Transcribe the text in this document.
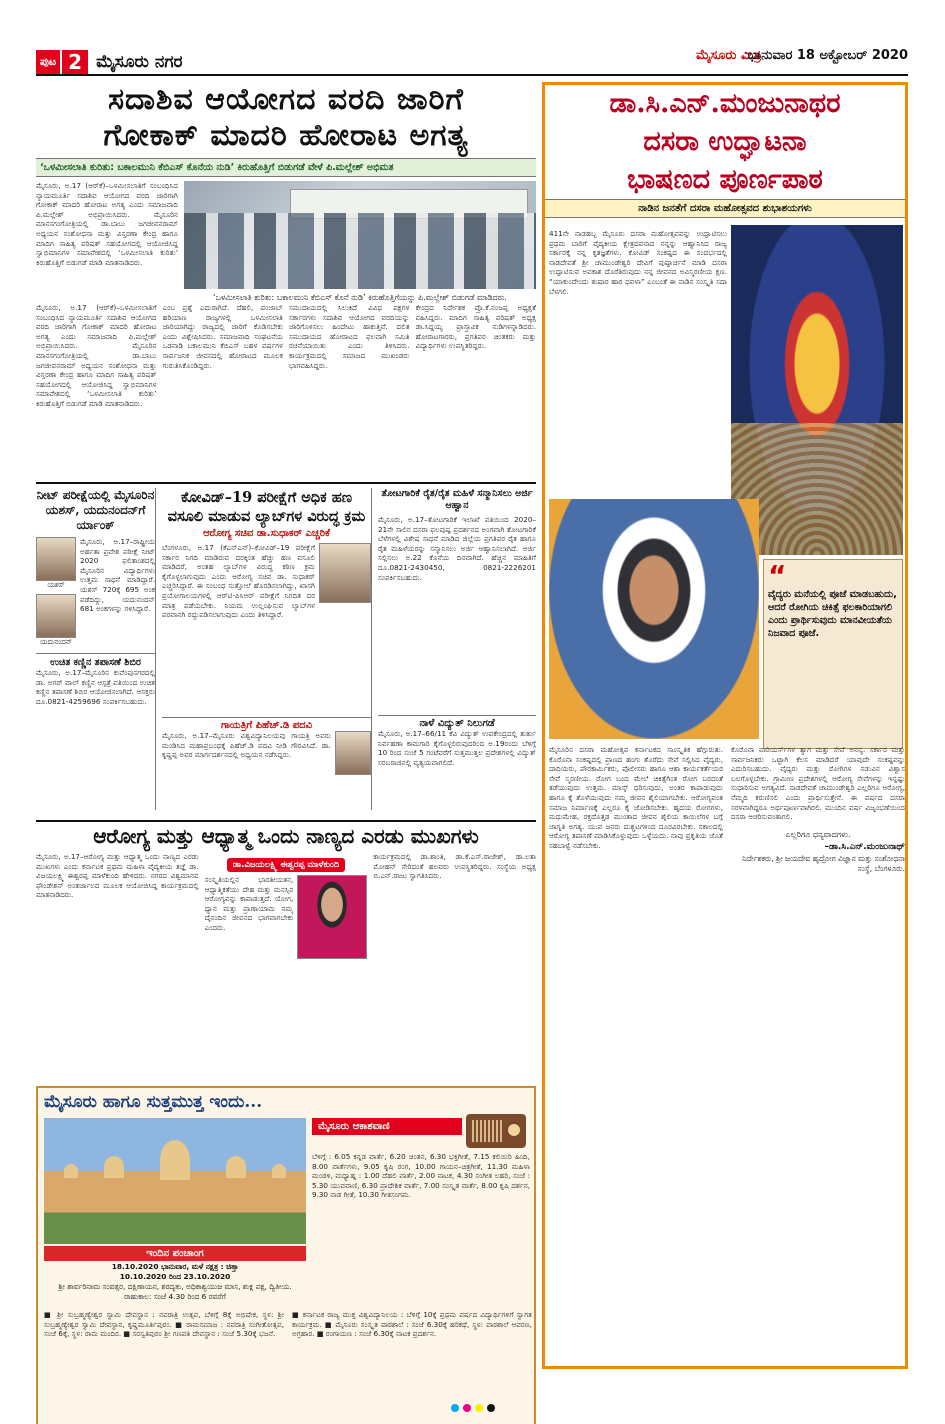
ಪುಟ 2 ಮೈಸೂರು ನಗರ	ಮೈಸೂರು ಮಿತ್ರ
ಭಾನುವಾರ 18 ಅಕ್ಟೋಬರ್ 2020
ಸದಾಶಿವ ಆಯೋಗದ ವರದಿ ಜಾರಿಗೆ
ಗೋಕಾಕ್ ಮಾದರಿ ಹೋರಾಟ ಅಗತ್ಯ
‘ಒಳಮೀಸಲಾತಿ ಕುರಿತು: ಬಕಾಲಮುನಿ ಕೆಬಿಎಸ್ ಕೊನೆಯ ನುಡಿ’ ಕಿರುಹೊತ್ತಿಗೆ ಬಿಡುಗಡೆ ವೇಳೆ ಪಿ.ಮಲ್ಲೇಶ್ ಅಭಿಮತ

ಮೈಸೂರು, ಅ.17 (ಆರ್‌ಕೆ)–ಒಳಮೀಸಲಾತಿಗೆ ಸಂಬಂಧಿಸಿದ ನ್ಯಾಯಮೂರ್ತಿ ಸದಾಶಿವ ಆಯೋಗದ ವರದಿ ಜಾರಿಗಾಗಿ ಗೋಕಾಕ್ ಮಾದರಿ ಹೋರಾಟ ಅಗತ್ಯ ಎಂದು ಸಮಾಜವಾದಿ ಪಿ.ಮಲ್ಲೇಶ್ ಅಭಿಪ್ರಾಯಿಸಿದರು. ಮೈಸೂರಿನ ಮಾನಸಗಂಗೋತ್ರಿಯಲ್ಲಿ ಡಾ.ಬಾಬು ಜಗಜೀವನರಾಮ್ ಅಧ್ಯಯನ ಸಂಶೋಧನಾ ಮತ್ತು ವಿಸ್ತರಣಾ ಕೇಂದ್ರ ಹಾಗೂ ಮಾದಿಗ ಸಾಹಿತ್ಯ ಪರಿಷತ್ ಸಹಯೋಗದಲ್ಲಿ ಆಯೋಜಿಸಿದ್ದ ಸ್ವಾಭಿಮಾನಿಗಳ ಸಮಾವೇಶದಲ್ಲಿ ‘ಒಳಮೀಸಲಾತಿ ಕುರಿತು’ ಕಿರುಹೊತ್ತಿಗೆ ಬಿಡುಗಡೆ ಮಾಡಿ ಮಾತನಾಡಿದರು.

‘ಒಳಮೀಸಲಾತಿ ಕುರಿತು: ಬಕಾಲಮುನಿ ಕೆಬಿಎಸ್ ಕೊನೆ ನುಡಿ’ ಕಿರುಹೊತ್ತಿಗೆಯನ್ನು ಪಿ.ಮಲ್ಲೇಶ್ ಬಿಡುಗಡೆ ಮಾಡಿದರು.

ಮೈಸೂರು, ಅ.17 (ಆರ್‌ಕೆ)–ಒಳಮೀಸಲಾತಿಗೆ ಸಂಬಂಧಿಸಿದ ನ್ಯಾಯಮೂರ್ತಿ ಸದಾಶಿವ ಆಯೋಗದ ವರದಿ ಜಾರಿಗಾಗಿ ಗೋಕಾಕ್ ಮಾದರಿ ಹೋರಾಟ ಅಗತ್ಯ ಎಂದು ಸಮಾಜವಾದಿ ಪಿ.ಮಲ್ಲೇಶ್ ಅಭಿಪ್ರಾಯಿಸಿದರು. ಮೈಸೂರಿನ ಮಾನಸಗಂಗೋತ್ರಿಯಲ್ಲಿ ಡಾ.ಬಾಬು ಜಗಜೀವನರಾಮ್ ಅಧ್ಯಯನ ಸಂಶೋಧನಾ ಮತ್ತು ವಿಸ್ತರಣಾ ಕೇಂದ್ರ ಹಾಗೂ ಮಾದಿಗ ಸಾಹಿತ್ಯ ಪರಿಷತ್ ಸಹಯೋಗದಲ್ಲಿ ಆಯೋಜಿಸಿದ್ದ ಸ್ವಾಭಿಮಾನಿಗಳ ಸಮಾವೇಶದಲ್ಲಿ ‘ಒಳಮೀಸಲಾತಿ ಕುರಿತು’ ಕಿರುಹೊತ್ತಿಗೆ ಬಿಡುಗಡೆ ಮಾಡಿ ಮಾತನಾಡಿದರು.

ಎಂಬ ಪ್ರಶ್ನೆ ಎದುರಾಗಿದೆ. ದೆಹಲಿ, ಪಂಜಾಬ್ ಹರಿಯಾಣ ರಾಜ್ಯಗಳಲ್ಲಿ ಒಳಮೀಸಲಾತಿ ಜಾರಿಯಾಗಿದ್ದು ರಾಜ್ಯದಲ್ಲಿ ಜಾರಿಗೆ ಕೊಡಿಸಬೇಕು ಎಂದು ವಿಶ್ಲೇಷಿಸಿದರು. ಸಮಾಜವಾದಿ ಸಂಘಟನೆಯ ಒಡನಾಡಿ ಬಕಾಲಮುನಿ ಕೆಬಿಎಸ್ ಬಹಳ ವರ್ಷಗಳ ಸಾರ್ವಜನಿಕ ಜೀವನದಲ್ಲಿ ಹೋರಾಟದ ಮೂಲಕ ಗುರುತಿಸಿಕೊಂಡಿದ್ದರು.

ಸಮುದಾಯದಲ್ಲಿ ಸಿಲುಕಿದೆ ವಿವಿಧ ಪಕ್ಷಗಳ ಸರ್ಕಾರಗಳು ಸದಾಶಿವ ಆಯೋಗದ ವರದಿಯನ್ನು ಜಾರಿಗೊಳಿಸಲು ಹಿಂದೇಟು ಹಾಕುತ್ತಿವೆ. ದಲಿತ ಸಮುದಾಯದ ಹೋರಾಟದ ಫಲವಾಗಿ ಸಮಿತಿ ರಚನೆಯಾಯಿತು ಎಂದು ತಿಳಿಸಿದರು. ಕಾರ್ಯಕ್ರಮದಲ್ಲಿ ಸಮಾಜದ ಮುಖಂಡರು ಭಾಗವಹಿಸಿದ್ದರು.

ಕೇಂದ್ರದ ನಿರ್ದೇಶಕ ಪ್ರೊ.ಕೆ.ನಂಜಪ್ಪ ಅಧ್ಯಕ್ಷತೆ ವಹಿಸಿದ್ದರು. ಮಾದಿಗ ಸಾಹಿತ್ಯ ಪರಿಷತ್ ಅಧ್ಯಕ್ಷ ಡಾ.ಸಿದ್ದಯ್ಯ ಪ್ರಾಸ್ತಾವಿಕ ನುಡಿಗಳನ್ನಾಡಿದರು. ಹೋರಾಟಗಾರರು, ಪ್ರಗತಿಪರ ಚಿಂತಕರು ಮತ್ತು ವಿದ್ಯಾರ್ಥಿಗಳು ಉಪಸ್ಥಿತರಿದ್ದರು.

ನೀಟ್ ಪರೀಕ್ಷೆಯಲ್ಲಿ ಮೈಸೂರಿನ ಯಶಸ್, ಯದುನಂದನ್‌ಗೆ ರ್ಯಾಂಕ್
ಯಶಸ್
ಯದುನಂದನ್

ಮೈಸೂರು, ಅ.17–ರಾಷ್ಟ್ರೀಯ ಅರ್ಹತಾ ಪ್ರವೇಶ ಪರೀಕ್ಷೆ ನೀಟ್ 2020 ಫಲಿತಾಂಶದಲ್ಲಿ ಮೈಸೂರಿನ ವಿದ್ಯಾರ್ಥಿಗಳು ಉತ್ತಮ ಸಾಧನೆ ಮಾಡಿದ್ದಾರೆ. ಯಶಸ್ 720ಕ್ಕೆ 695 ಅಂಕ ಪಡೆದಿದ್ದು, ಯದುನಂದನ್ 681 ಅಂಕಗಳನ್ನು ಗಳಿಸಿದ್ದಾರೆ.

ಉಚಿತ ಕಣ್ಣಿನ ತಪಾಸಣೆ ಶಿಬಿರ

ಮೈಸೂರು, ಅ.17–ಮೈಸೂರಿನ ಕುವೆಂಪುನಗರದಲ್ಲಿ ಡಾ. ಅಗರ್ ವಾಲ್ ಕಣ್ಣಿನ ಆಸ್ಪತ್ರೆ ವತಿಯಿಂದ ಉಚಿತ ಕಣ್ಣಿನ ತಪಾಸಣೆ ಶಿಬಿರ ಆಯೋಜಿಸಲಾಗಿದೆ. ಆಸಕ್ತರು ದೂ.0821-4259696 ಸಂಪರ್ಕಿಸಬಹುದು.

ಕೋವಿಡ್–19 ಪರೀಕ್ಷೆಗೆ ಅಧಿಕ ಹಣ ವಸೂಲಿ ಮಾಡುವ ಲ್ಯಾಬ್‌ಗಳ ವಿರುದ್ಧ ಕ್ರಮ
ಆರೋಗ್ಯ ಸಚಿವ ಡಾ.ಸುಧಾಕರ್ ಎಚ್ಚರಿಕೆ

ಬೆಂಗಳೂರು, ಅ.17 (ಕೆಎನ್‌ಎನ್)–ಕೋವಿಡ್–19 ಪರೀಕ್ಷೆಗೆ ಸರ್ಕಾರ ನಿಗದಿ ಮಾಡಿರುವ ದರಕ್ಕಿಂತ ಹೆಚ್ಚು ಹಣ ವಸೂಲಿ ಮಾಡಿದರೆ, ಅಂತಹ ಲ್ಯಾಬ್‌ಗಳ ವಿರುದ್ಧ ಕಠಿಣ ಕ್ರಮ ಕೈಗೊಳ್ಳಲಾಗುವುದು ಎಂದು ಆರೋಗ್ಯ ಸಚಿವ ಡಾ. ಸುಧಾಕರ್ ಎಚ್ಚರಿಸಿದ್ದಾರೆ. ಈ ಸಂಬಂಧ ಸುತ್ತೋಲೆ ಹೊರಡಿಸಲಾಗಿದ್ದು, ಖಾಸಗಿ ಪ್ರಯೋಗಾಲಯಗಳಲ್ಲಿ ಆರ್‌ಟಿ-ಪಿಸಿಆರ್ ಪರೀಕ್ಷೆಗೆ ನಿಗದಿತ ದರ ಮಾತ್ರ ಪಡೆಯಬೇಕು. ನಿಯಮ ಉಲ್ಲಂಘಿಸುವ ಲ್ಯಾಬ್‌ಗಳ ಪರವಾನಗಿ ರದ್ದುಪಡಿಸಲಾಗುವುದು ಎಂದು ತಿಳಿಸಿದ್ದಾರೆ.

ಗಾಯತ್ರಿಗೆ ಪಿಹೆಚ್.ಡಿ ಪದವಿ

ಮೈಸೂರು, ಅ.17–ಮೈಸೂರು ವಿಶ್ವವಿದ್ಯಾನಿಲಯವು ಗಾಯತ್ರಿ ಅವರು ಮಂಡಿಸಿದ ಮಹಾಪ್ರಬಂಧಕ್ಕೆ ಪಿಹೆಚ್.ಡಿ ಪದವಿ ನೀಡಿ ಗೌರವಿಸಿದೆ. ಡಾ. ಕೃಷ್ಣಪ್ಪ ಅವರ ಮಾರ್ಗದರ್ಶನದಲ್ಲಿ ಅಧ್ಯಯನ ನಡೆಸಿದ್ದರು.

ತೋಟಗಾರಿಕೆ ರೈತ/ರೈತ ಮಹಿಳೆ ಸನ್ಮಾನಿಸಲು ಅರ್ಜಿ ಆಹ್ವಾನ

ಮೈಸೂರು, ಅ.17–ತೋಟಗಾರಿಕೆ ಇಲಾಖೆ ವತಿಯಿಂದ 2020–21ನೇ ಸಾಲಿನ ದಸರಾ ಫಲಪುಷ್ಪ ಪ್ರದರ್ಶನದ ಅಂಗವಾಗಿ ತೋಟಗಾರಿಕೆ ಬೆಳೆಗಳಲ್ಲಿ ವಿಶೇಷ ಸಾಧನೆ ಮಾಡಿದ ಜಿಲ್ಲೆಯ ಪ್ರಗತಿಪರ ರೈತ ಹಾಗೂ ರೈತ ಮಹಿಳೆಯರನ್ನು ಸನ್ಮಾನಿಸಲು ಅರ್ಜಿ ಆಹ್ವಾನಿಸಲಾಗಿದೆ. ಅರ್ಜಿ ಸಲ್ಲಿಸಲು ಅ.22 ಕೊನೆಯ ದಿನವಾಗಿದೆ. ಹೆಚ್ಚಿನ ಮಾಹಿತಿಗೆ ದೂ.0821-2430450, 0821-2226201 ಸಂಪರ್ಕಿಸಬಹುದು.

ನಾಳೆ ವಿದ್ಯುತ್ ನಿಲುಗಡೆ

ಮೈಸೂರು, ಅ.17–66/11 ಕೆವಿ ವಿದ್ಯುತ್ ಉಪಕೇಂದ್ರದಲ್ಲಿ ತುರ್ತು ನಿರ್ವಹಣಾ ಕಾಮಗಾರಿ ಕೈಗೊಳ್ಳಲಿರುವುದರಿಂದ ಅ.19ರಂದು ಬೆಳಿಗ್ಗೆ 10 ರಿಂದ ಸಂಜೆ 5 ಗಂಟೆವರೆಗೆ ಸುತ್ತಮುತ್ತಲ ಪ್ರದೇಶಗಳಲ್ಲಿ ವಿದ್ಯುತ್ ಸರಬರಾಜಿನಲ್ಲಿ ವ್ಯತ್ಯಯವಾಗಲಿದೆ.

ಆರೋಗ್ಯ ಮತ್ತು ಆಧ್ಯಾತ್ಮ ಒಂದು ನಾಣ್ಯದ ಎರಡು ಮುಖಗಳು

ಮೈಸೂರು, ಅ.17–ಆರೋಗ್ಯ ಮತ್ತು ಆಧ್ಯಾತ್ಮ ಒಂದು ನಾಣ್ಯದ ಎರಡು ಮುಖಗಳು ಎಂದು ಕರ್ನಾಟಕ ಪ್ರಥಮ ಮಹಿಳಾ ವೈದ್ಯಕೀಯ ತಜ್ಞೆ ಡಾ. ವಿಜಯಲಕ್ಷ್ಮಿ ಈಶ್ವರಪ್ಪ ಮಾಳೆಕುಂದಿ ಹೇಳಿದರು. ನಗರದ ವಿಶ್ವಮಾನವ ಫೌಂಡೇಶನ್ ಅಂತರ್ಜಾಲದ ಮೂಲಕ ಆಯೋಜಿಸಿದ್ದ ಕಾರ್ಯಕ್ರಮದಲ್ಲಿ ಮಾತನಾಡಿದರು.

ಡಾ.ವಿಜಯಲಕ್ಷ್ಮಿ ಈಶ್ವರಪ್ಪ ಮಾಳೆಕುಂದಿ

ಸಂಸ್ಕೃತಿಯಲ್ಲಿನ ಭಾರತೀಯತನ, ಆಧ್ಯಾತ್ಮಿಕತೆಯು ದೇಹ ಮತ್ತು ಮನಸ್ಸಿನ ಆರೋಗ್ಯವನ್ನು ಕಾಪಾಡುತ್ತದೆ. ಯೋಗ, ಧ್ಯಾನ ಮತ್ತು ಪ್ರಾಣಾಯಾಮ ನಮ್ಮ ದೈನಂದಿನ ಜೀವನದ ಭಾಗವಾಗಬೇಕು ಎಂದರು.

ಕಾರ್ಯಕ್ರಮದಲ್ಲಿ ಡಾ.ಶಾಂತಿ, ಡಾ.ಕೆ.ಎಸ್.ರಾಜೇಶ್, ಡಾ.ಲತಾ ಮೋಹನ್ ಸೇರಿದಂತೆ ಹಲವರು ಉಪಸ್ಥಿತರಿದ್ದರು. ಸಂಸ್ಥೆಯ ಅಧ್ಯಕ್ಷ ಬಿ.ಎನ್.ರಾಜು ಸ್ವಾಗತಿಸಿದರು.

ಮೈಸೂರು ಹಾಗೂ ಸುತ್ತಮುತ್ತ ಇಂದು...
ಇಂದಿನ ಪಂಚಾಂಗ
18.10.2020 ಭಾನುವಾರ, ಮಳೆ ನಕ್ಷತ್ರ : ಚಿತ್ತಾ
10.10.2020 ರಿಂದ 23.10.2020
ಶ್ರೀ ಶಾರ್ವರಿನಾಮ ಸಂವತ್ಸರ, ದಕ್ಷಿಣಾಯನ, ಶರದೃತು, ಅಧಿಕಾಶ್ವಯುಜ ಮಾಸ, ಶುಕ್ಲ ಪಕ್ಷ, ದ್ವಿತೀಯ. ರಾಹುಕಾಲ: ಸಂಜೆ 4.30 ರಿಂದ 6 ರವರೆಗೆ
ಮೈಸೂರು ಆಕಾಶವಾಣಿ

ಬೆಳಿಗ್ಗೆ : 6.05 ಕನ್ನಡ ವಾರ್ತೆ, 6.20 ಚಿಂತನ, 6.30 ಭಕ್ತಿಗೀತೆ, 7.15 ಕಲಿಯಿರಿ ಹಿಂದಿ, 8.00 ವಾರ್ತೆಗಳು, 9.05 ಕೃಷಿ ರಂಗ, 10.00 ಗಾಯನ–ಚಿತ್ರಗೀತೆ, 11.30 ಮಹಿಳಾ ಮಂಡಳಿ, ಮಧ್ಯಾಹ್ನ : 1.00 ದೆಹಲಿ ವಾರ್ತೆ, 2.00 ನಾಟಕ, 4.30 ಸಂಗೀತ ಲಹರಿ, ಸಂಜೆ : 5.30 ಯುವವಾಣಿ, 6.30 ಪ್ರಾದೇಶಿಕ ವಾರ್ತೆ, 7.00 ಸಂಸ್ಕೃತ ವಾರ್ತೆ, 8.00 ಕೃಷಿ ದರ್ಶನ, 9.30 ನಾಡ ಗೀತೆ, 10.30 ಗೀತಸಂಗಮ.

■ ಶ್ರೀ ಸುಬ್ರಹ್ಮಣ್ಯೇಶ್ವರ ಸ್ವಾಮಿ ದೇವಸ್ಥಾನ : ನವರಾತ್ರಿ ಉತ್ಸವ, ಬೆಳಿಗ್ಗೆ 8ಕ್ಕೆ ಅಭಿಷೇಕ, ಸ್ಥಳ: ಶ್ರೀ ಸುಬ್ರಹ್ಮಣ್ಯೇಶ್ವರ ಸ್ವಾಮಿ ದೇವಸ್ಥಾನ, ಕೃಷ್ಣಮೂರ್ತಿಪುರಂ. ■ ರಾಮಸಮಾಜ : ನವರಾತ್ರಿ ಸಂಗೀತೋತ್ಸವ, ಸಂಜೆ 6ಕ್ಕೆ, ಸ್ಥಳ: ರಾಮ ಮಂದಿರ. ■ ಸರಸ್ವತಿಪುರಂ ಶ್ರೀ ಗಣಪತಿ ದೇವಸ್ಥಾನ : ಸಂಜೆ 5.30ಕ್ಕೆ ಭಜನೆ.

■ ಕರ್ನಾಟಕ ರಾಜ್ಯ ಮುಕ್ತ ವಿಶ್ವವಿದ್ಯಾನಿಲಯ : ಬೆಳಿಗ್ಗೆ 10ಕ್ಕೆ ಪ್ರಥಮ ವರ್ಷದ ವಿದ್ಯಾರ್ಥಿಗಳಿಗೆ ಸ್ವಾಗತ ಕಾರ್ಯಕ್ರಮ. ■ ಮೈಸೂರು ಸಂಸ್ಕೃತ ಪಾಠಶಾಲೆ : ಸಂಜೆ 6.30ಕ್ಕೆ ಹರಿಕಥೆ, ಸ್ಥಳ: ಪಾಠಶಾಲೆ ಆವರಣ, ಅಗ್ರಹಾರ. ■ ರಂಗಾಯಣ : ಸಂಜೆ 6.30ಕ್ಕೆ ನಾಟಕ ಪ್ರದರ್ಶನ.

ಡಾ.ಸಿ.ಎನ್.ಮಂಜುನಾಥರ
ದಸರಾ ಉದ್ಘಾಟನಾ
ಭಾಷಣದ ಪೂರ್ಣಪಾಠ
ನಾಡಿನ ಜನತೆಗೆ ದಸರಾ ಮಹೋತ್ಸವದ ಶುಭಾಶಯಗಳು

411ನೇ ನಾಡಹಬ್ಬ ಮೈಸೂರು ದಸರಾ ಮಹೋತ್ಸವವನ್ನು ಉದ್ಘಾಟಿಸಲು ಪ್ರಥಮ ಬಾರಿಗೆ ವೈದ್ಯಕೀಯ ಕ್ಷೇತ್ರದವನಾದ ನನ್ನನ್ನು ಆಹ್ವಾನಿಸಿದ ರಾಜ್ಯ ಸರ್ಕಾರಕ್ಕೆ ನನ್ನ ಕೃತಜ್ಞತೆಗಳು. ಕೋವಿಡ್ ಸಂಕಷ್ಟದ ಈ ಸಂದರ್ಭದಲ್ಲಿ ನಾಡದೇವತೆ ಶ್ರೀ ಚಾಮುಂಡೇಶ್ವರಿ ದೇವಿಗೆ ಪುಷ್ಪಾರ್ಚನೆ ಮಾಡಿ ದಸರಾ ಉದ್ಘಾಟಿಸುವ ಅವಕಾಶ ದೊರೆತಿರುವುದು ನನ್ನ ಜೀವನದ ಅವಿಸ್ಮರಣೀಯ ಕ್ಷಣ. “ಯಾಕುಂದೇಂದು ತುಷಾರ ಹಾರ ಧವಳಾ” ಎಂಬಂತೆ ಈ ನಾಡಿನ ಸಂಸ್ಕೃತಿ ಸದಾ ಬೆಳಗಲಿ.

“
ವೈದ್ಯರು ಮನೆಯಲ್ಲಿ ಪೂಜೆ ಮಾಡಬಹುದು, ಆದರೆ ರೋಗಿಯ ಚಿಕಿತ್ಸೆ ಫಲಕಾರಿಯಾಗಲಿ ಎಂದು ಪ್ರಾರ್ಥಿಸುವುದು ಮಾನವೀಯತೆಯ ನಿಜವಾದ ಪೂಜೆ.

ಮೈಸೂರಿನ ದಸರಾ ಮಹೋತ್ಸವ ಕರ್ನಾಟಕದ ಸಾಂಸ್ಕೃತಿಕ ಹೆಗ್ಗುರುತು. ಕೊರೊನಾ ಸಂಕಷ್ಟದಲ್ಲಿ ಪ್ರಾಣದ ಹಂಗು ತೊರೆದು ಸೇವೆ ಸಲ್ಲಿಸಿದ ವೈದ್ಯರು, ದಾದಿಯರು, ಪೌರಕಾರ್ಮಿಕರು, ಪೊಲೀಸರು ಹಾಗೂ ಆಶಾ ಕಾರ್ಯಕರ್ತೆಯರ ಸೇವೆ ಸ್ಮರಣೀಯ. ರೋಗ ಬಂದ ಮೇಲೆ ಚಿಕಿತ್ಸೆಗಿಂತ ರೋಗ ಬರದಂತೆ ತಡೆಯುವುದು ಉತ್ತಮ. ಮಾಸ್ಕ್ ಧರಿಸುವುದು, ಅಂತರ ಕಾಪಾಡುವುದು ಹಾಗೂ ಕೈ ತೊಳೆಯುವುದು ನಮ್ಮ ಜೀವನ ಶೈಲಿಯಾಗಬೇಕು. ಆರೋಗ್ಯವಂತ ಸಮಾಜ ನಿರ್ಮಾಣಕ್ಕೆ ಎಲ್ಲರೂ ಕೈ ಜೋಡಿಸಬೇಕು. ಹೃದಯ ರೋಗಗಳು, ಮಧುಮೇಹ, ರಕ್ತದೊತ್ತಡ ಮುಂತಾದ ಜೀವನ ಶೈಲಿಯ ಕಾಯಿಲೆಗಳ ಬಗ್ಗೆ ಜಾಗೃತಿ ಅಗತ್ಯ. ಯುವ ಜನರು ದುಶ್ಚಟಗಳಿಂದ ದೂರವಿರಬೇಕು. ಸಕಾಲದಲ್ಲಿ ಆರೋಗ್ಯ ತಪಾಸಣೆ ಮಾಡಿಸಿಕೊಳ್ಳುವುದು ಒಳ್ಳೆಯದು. ನಾವು ಪ್ರಕೃತಿಯ ಜೊತೆ ಸಹಬಾಳ್ವೆ ನಡೆಸಬೇಕು.

ಕೊರೊನಾ ವಾರಿಯರ್ಸ್‌ಗಳ ತ್ಯಾಗ ಮತ್ತು ಸೇವೆ ಅನನ್ಯ. ಸರ್ಕಾರ ಮತ್ತು ಸಾರ್ವಜನಿಕರು ಒಟ್ಟಾಗಿ ಕೆಲಸ ಮಾಡಿದರೆ ಯಾವುದೇ ಸಂಕಷ್ಟವನ್ನು ಎದುರಿಸಬಹುದು. ವೈದ್ಯರು ಮತ್ತು ರೋಗಿಗಳ ನಡುವಿನ ವಿಶ್ವಾಸ ಬಲಗೊಳ್ಳಬೇಕು. ಗ್ರಾಮೀಣ ಪ್ರದೇಶಗಳಲ್ಲಿ ಆರೋಗ್ಯ ಸೇವೆಗಳನ್ನು ಇನ್ನಷ್ಟು ಸುಧಾರಿಸುವ ಅಗತ್ಯವಿದೆ. ನಾಡದೇವತೆ ಚಾಮುಂಡೇಶ್ವರಿ ಎಲ್ಲರಿಗೂ ಆರೋಗ್ಯ, ನೆಮ್ಮದಿ ಕರುಣಿಸಲಿ ಎಂದು ಪ್ರಾರ್ಥಿಸುತ್ತೇನೆ. ಈ ವರ್ಷದ ದಸರಾ ಸರಳವಾಗಿದ್ದರೂ ಅರ್ಥಪೂರ್ಣವಾಗಿರಲಿ. ಮುಂದಿನ ವರ್ಷ ವಿಜೃಂಭಣೆಯಿಂದ ದಸರಾ ಆಚರಿಸುವಂತಾಗಲಿ.

ಎಲ್ಲರಿಗೂ ಧನ್ಯವಾದಗಳು.

–ಡಾ.ಸಿ.ಎನ್.ಮಂಜುನಾಥ್

ನಿರ್ದೇಶಕರು, ಶ್ರೀ ಜಯದೇವ ಹೃದ್ರೋಗ ವಿಜ್ಞಾನ ಮತ್ತು ಸಂಶೋಧನಾ ಸಂಸ್ಥೆ, ಬೆಂಗಳೂರು.
